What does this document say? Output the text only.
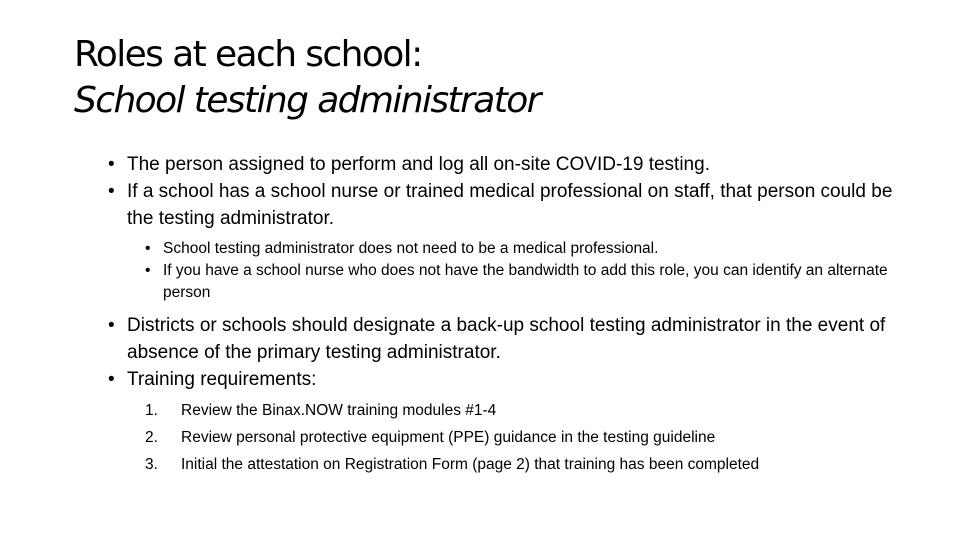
Roles at each school:
School testing administrator

• The person assigned to perform and log all on-site COVID-19 testing.

• If a school has a school nurse or trained medical professional on staff, that person could be the testing administrator.

• School testing administrator does not need to be a medical professional.

• If you have a school nurse who does not have the bandwidth to add this role, you can identify an alternate person

• Districts or schools should designate a back-up school testing administrator in the event of absence of the primary testing administrator.

• Training requirements:

1. Review the Binax.NOW training modules #1-4

2. Review personal protective equipment (PPE) guidance in the testing guideline

3. Initial the attestation on Registration Form (page 2) that training has been completed
